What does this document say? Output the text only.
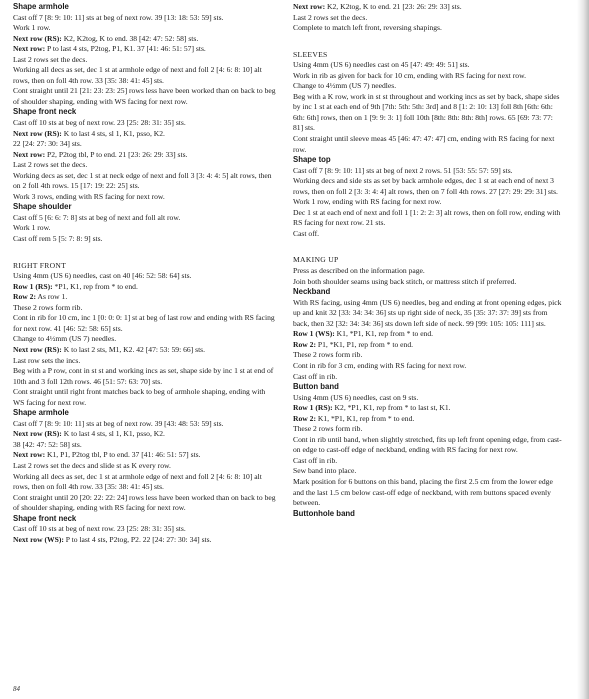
Shape armhole
Cast off 7 [8: 9: 10: 11] sts at beg of next row. 39 [13: 18: 53: 59] sts.
Work 1 row.
Next row (RS): K2, K2tog, K to end. 38 [42: 47: 52: 58] sts.
Next row: P to last 4 sts, P2tog, P1, K1. 37 [41: 46: 51: 57] sts.
Last 2 rows set the decs.
Working all decs as set, dec 1 st at armhole edge of next and foll 2 [4: 6: 8: 10] alt rows, then on foll 4th row. 33 [35: 38: 41: 45] sts.
Cont straight until 21 [21: 23: 23: 25] rows less have been worked than on back to beg of shoulder shaping, ending with WS facing for next row.
Shape front neck
Cast off 10 sts at beg of next row. 23 [25: 28: 31: 35] sts.
Next row (RS): K to last 4 sts, sl 1, K1, psso, K2.
22 [24: 27: 30: 34] sts.
Next row: P2, P2tog tbl, P to end. 21 [23: 26: 29: 33] sts.
Last 2 rows set the decs.
Working decs as set, dec 1 st at neck edge of next and foll 3 [3: 4: 4: 5] alt rows, then on 2 foll 4th rows. 15 [17: 19: 22: 25] sts.
Work 3 rows, ending with RS facing for next row.
Shape shoulder
Cast off 5 [6: 6: 7: 8] sts at beg of next and foll alt row.
Work 1 row.
Cast off rem 5 [5: 7: 8: 9] sts.
RIGHT FRONT
Using 4mm (US 6) needles, cast on 40 [46: 52: 58: 64] sts.
Row 1 (RS): *P1, K1, rep from * to end.
Row 2: As row 1.
These 2 rows form rib.
Cont in rib for 10 cm, inc 1 [0: 0: 0: 1] st at beg of last row and ending with RS facing for next row. 41 [46: 52: 58: 65] sts.
Change to 4½mm (US 7) needles.
Next row (RS): K to last 2 sts, M1, K2. 42 [47: 53: 59: 66] sts.
Last row sets the incs.
Beg with a P row, cont in st st and working incs as set, shape side by inc 1 st at end of 10th and 3 foll 12th rows. 46 [51: 57: 63: 70] sts.
Cont straight until right front matches back to beg of armhole shaping, ending with WS facing for next row.
Shape armhole
Cast off 7 [8: 9: 10: 11] sts at beg of next row. 39 [43: 48: 53: 59] sts.
Next row (RS): K to last 4 sts, sl 1, K1, psso, K2.
38 [42: 47: 52: 58] sts.
Next row: K1, P1, P2tog tbl, P to end. 37 [41: 46: 51: 57] sts.
Last 2 rows set the decs and slide st as K every row.
Working all decs as set, dec 1 st at armhole edge of next and foll 2 [4: 6: 8: 10] alt rows, then on foll 4th row. 33 [35: 38: 41: 45] sts.
Cont straight until 20 [20: 22: 22: 24] rows less have been worked than on back to beg of shoulder shaping, ending with RS facing for next row.
Shape front neck
Cast off 10 sts at beg of next row. 23 [25: 28: 31: 35] sts.
Next row (WS): P to last 4 sts, P2tog, P2. 22 [24: 27: 30: 34] sts.
Next row: K2, K2tog, K to end. 21 [23: 26: 29: 33] sts.
Last 2 rows set the decs.
Complete to match left front, reversing shapings.
SLEEVES
Using 4mm (US 6) needles cast on 45 [47: 49: 49: 51] sts.
Work in rib as given for back for 10 cm, ending with RS facing for next row.
Change to 4½mm (US 7) needles.
Beg with a K row, work in st st throughout and working incs as set by back, shape sides by inc 1 st at each end of 9th [7th: 5th: 5th: 3rd] and 8 [1: 2: 10: 13] foll 8th [6th: 6th: 6th: 6th] rows, then on 1 [9: 9: 3: 1] foll 10th [8th: 8th: 8th: 8th] rows. 65 [69: 73: 77: 81] sts.
Cont straight until sleeve meas 45 [46: 47: 47: 47] cm, ending with RS facing for next row.
Shape top
Cast off 7 [8: 9: 10: 11] sts at beg of next 2 rows. 51 [53: 55: 57: 59] sts.
Working decs and side sts as set by back armhole edges, dec 1 st at each end of next 3 rows, then on foll 2 [3: 3: 4: 4] alt rows, then on 7 foll 4th rows. 27 [27: 29: 29: 31] sts.
Work 1 row, ending with RS facing for next row.
Dec 1 st at each end of next and foll 1 [1: 2: 2: 3] alt rows, then on foll row, ending with RS facing for next row. 21 sts.
Cast off.
MAKING UP
Press as described on the information page.
Join both shoulder seams using back stitch, or mattress stitch if preferred.
Neckband
With RS facing, using 4mm (US 6) needles, beg and ending at front opening edges, pick up and knit 32 [33: 34: 34: 36] sts up right side of neck, 35 [35: 37: 37: 39] sts from back, then 32 [32: 34: 34: 36] sts down left side of neck. 99 [99: 105: 105: 111] sts.
Row 1 (WS): K1, *P1, K1, rep from * to end.
Row 2: P1, *K1, P1, rep from * to end.
These 2 rows form rib.
Cont in rib for 3 cm, ending with RS facing for next row.
Cast off in rib.
Button band
Using 4mm (US 6) needles, cast on 9 sts.
Row 1 (RS): K2, *P1, K1, rep from * to last st, K1.
Row 2: K1, *P1, K1, rep from * to end.
These 2 rows form rib.
Cont in rib until band, when slightly stretched, fits up left front opening edge, from cast-on edge to cast-off edge of neckband, ending with RS facing for next row.
Cast off in rib.
Sew band into place.
Mark position for 6 buttons on this band, placing the first 2.5 cm from the lower edge and the last 1.5 cm below cast-off edge of neckband, with rem buttons spaced evenly between.
Buttonhole band
84
